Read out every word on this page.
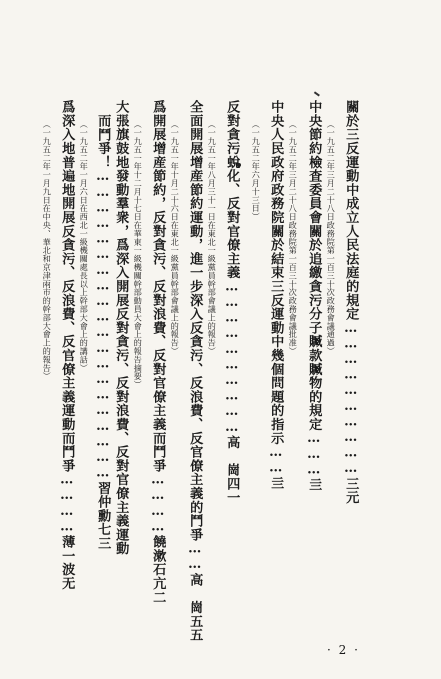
關於三反運動中成立人民法庭的規定…………………………三元
（一九五二年三月二十八日政務院第一百三十次政務會議通過）
中央節約檢査委員會關於追繳貪污分子贓款贓物的規定………亖
（一九五二年三月二十八日政務院第一百三十次政務會議批准）
中央人民政府政務院關於結束三反運動中幾個問題的指示……亖
（一九五二年六月十三日）
反對貪污蛻化、反對官僚主義…………………………高　崗四一
（一九五一年八月三十一日在東北一級黨員幹部會議上的報告）
全面開展增産節約運動，進一步深入反貪污、反浪費、反官僚主義的鬥爭……高　崗五五
（一九五一年十月二十六日在東北一級黨員幹部會議上的報告）
爲開展增産節約，反對貪污、反對浪費、反對官僚主義而鬥爭…………饒漱石亢二
（一九五一年十二月十七日在華東一級機關幹部動員大會上的報告摘要）
大張旗鼓地發動羣衆，爲深入開展反對貪污、反對浪費、反對官僚主義運動
而鬥爭！……………………………………………………習仲勳七三
（一九五二年一月六日在西北一級機關處長以上幹部大會上的講話）
爲深入地普遍地開展反貪污、反浪費、反官僚主義運動而鬥爭…………薄一波无
（一九五二年一月九日在中央、華北和京津兩市的幹部大會上的報告）
· 2 ·
